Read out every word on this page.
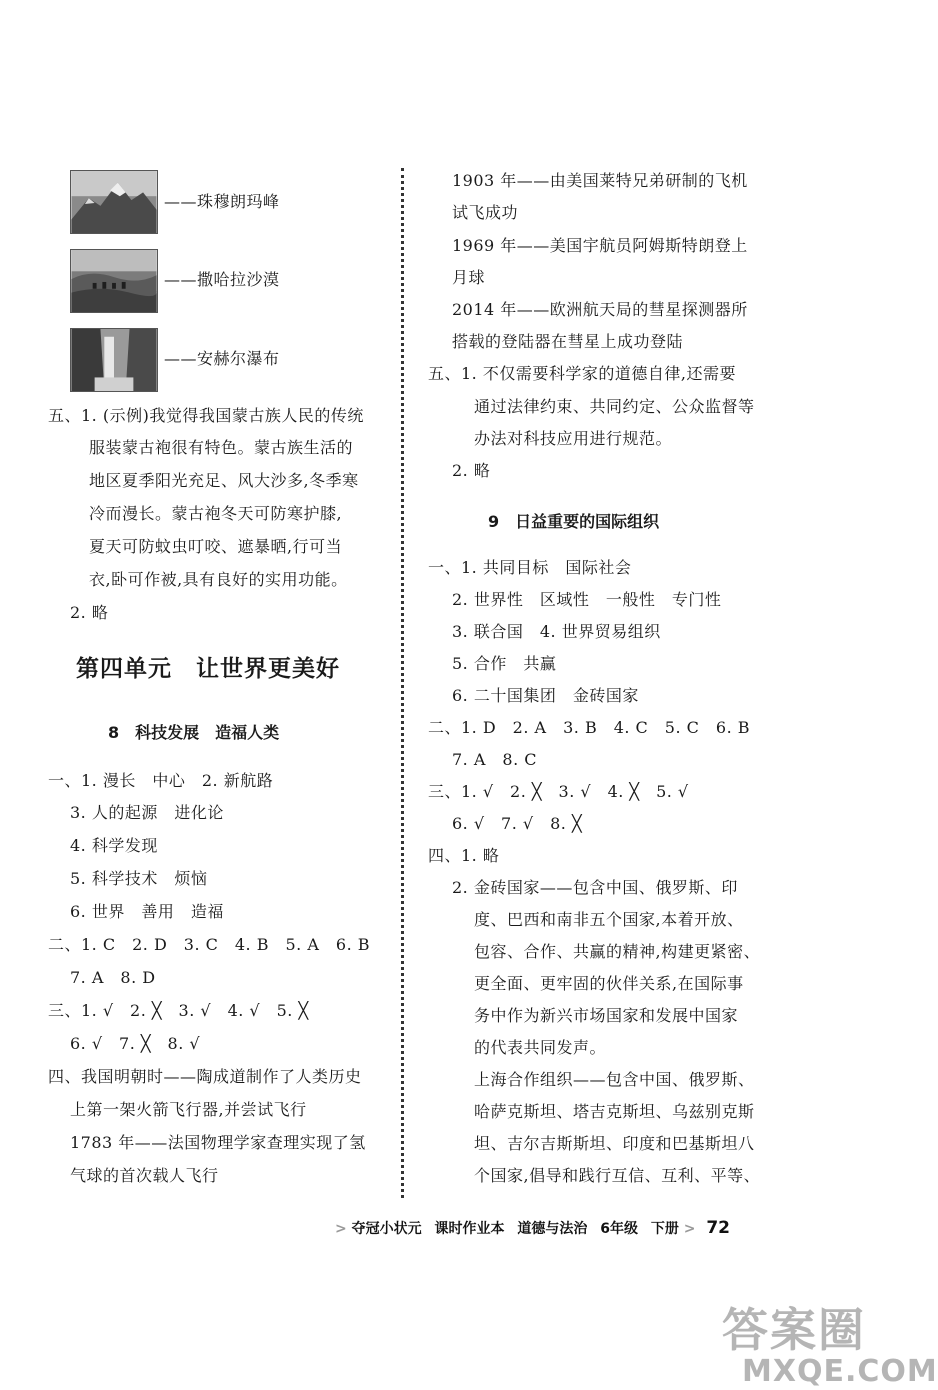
——珠穆朗玛峰
——撒哈拉沙漠
——安赫尔瀑布
五、1. (示例)我觉得我国蒙古族人民的传统
服装蒙古袍很有特色。蒙古族生活的
地区夏季阳光充足、风大沙多,冬季寒
冷而漫长。蒙古袍冬天可防寒护膝,
夏天可防蚊虫叮咬、遮暴晒,行可当
衣,卧可作被,具有良好的实用功能。
2. 略
第四单元　让世界更美好
8　科技发展　造福人类
一、1. 漫长　中心　2. 新航路
3. 人的起源　进化论
4. 科学发现
5. 科学技术　烦恼
6. 世界　善用　造福
二、1. C　2. D　3. C　4. B　5. A　6. B
7. A　8. D
三、1. √　2. ╳　3. √　4. √　5. ╳
6. √　7. ╳　8. √
四、我国明朝时——陶成道制作了人类历史
上第一架火箭飞行器,并尝试飞行
1783 年——法国物理学家查理实现了氢
气球的首次载人飞行
1903 年——由美国莱特兄弟研制的飞机
试飞成功
1969 年——美国宇航员阿姆斯特朗登上
月球
2014 年——欧洲航天局的彗星探测器所
搭载的登陆器在彗星上成功登陆
五、1. 不仅需要科学家的道德自律,还需要
通过法律约束、共同约定、公众监督等
办法对科技应用进行规范。
2. 略
9　日益重要的国际组织
一、1. 共同目标　国际社会
2. 世界性　区域性　一般性　专门性
3. 联合国　4. 世界贸易组织
5. 合作　共赢
6. 二十国集团　金砖国家
二、1. D　2. A　3. B　4. C　5. C　6. B
7. A　8. C
三、1. √　2. ╳　3. √　4. ╳　5. √
6. √　7. √　8. ╳
四、1. 略
2. 金砖国家——包含中国、俄罗斯、印
度、巴西和南非五个国家,本着开放、
包容、合作、共赢的精神,构建更紧密、
更全面、更牢固的伙伴关系,在国际事
务中作为新兴市场国家和发展中国家
的代表共同发声。
上海合作组织——包含中国、俄罗斯、
哈萨克斯坦、塔吉克斯坦、乌兹别克斯
坦、吉尔吉斯斯坦、印度和巴基斯坦八
个国家,倡导和践行互信、互利、平等、
> 夺冠小状元 课时作业本 道德与法治 6年级 下册 > 72
答案圈
MXQE.COM
